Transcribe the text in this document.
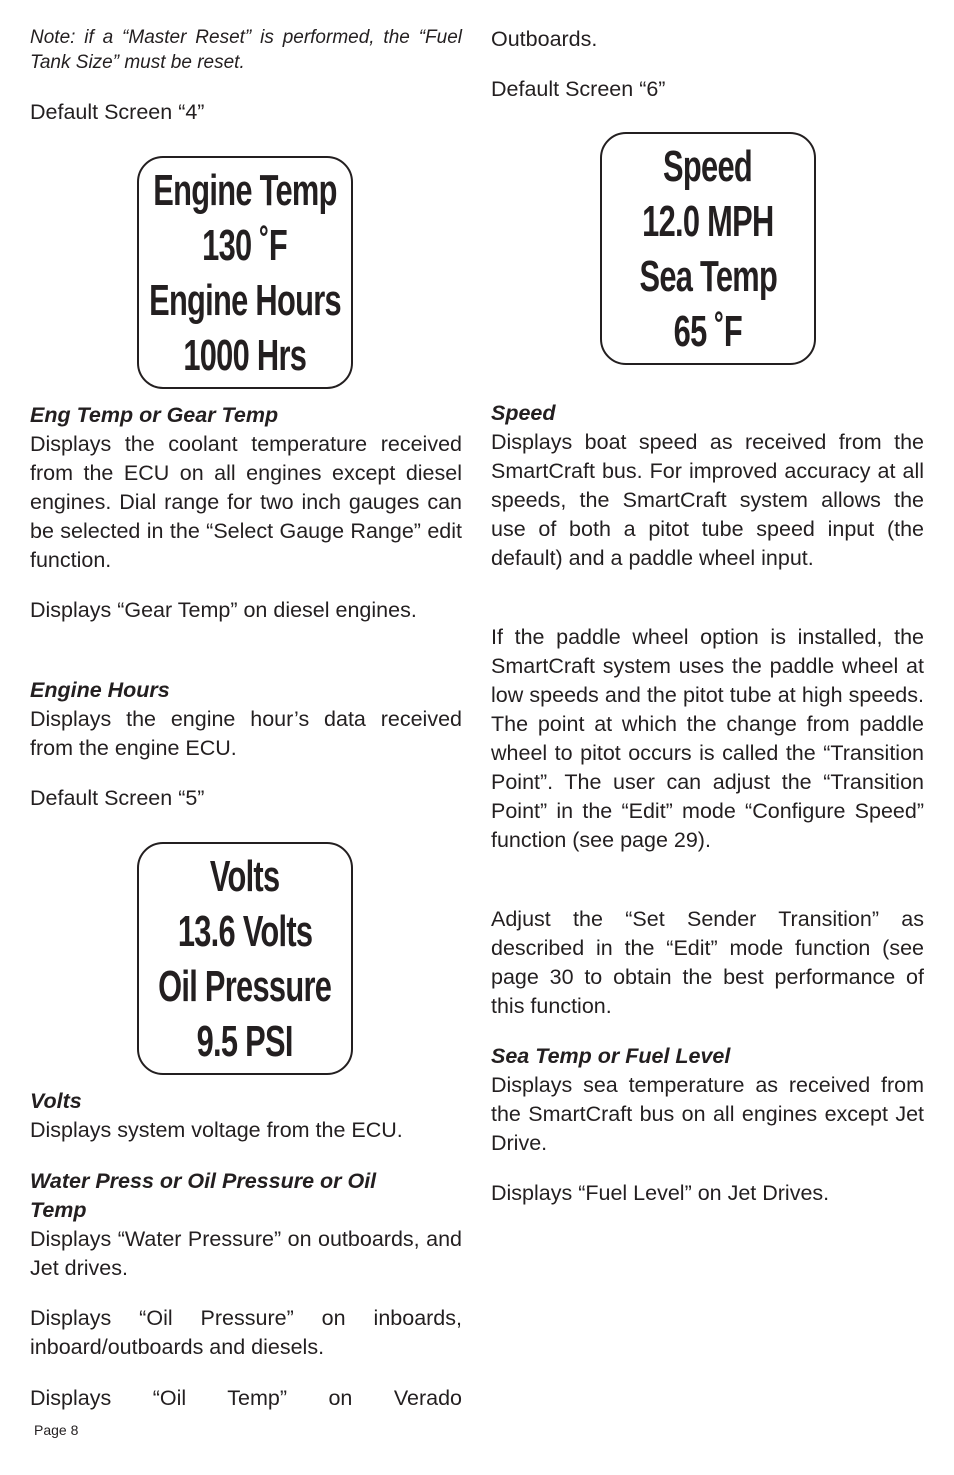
Note: if a “Master Reset” is performed, the “Fuel Tank Size” must be reset.

Default Screen “4”

Engine Temp
130 ˚F
Engine Hours
1000 Hrs

Eng Temp or Gear Temp

Displays the coolant temperature received from the ECU on all engines except diesel engines. Dial range for two inch gauges can be selected in the “Select Gauge Range” edit function.

Displays “Gear Temp” on diesel engines.

Engine Hours

Displays the engine hour’s data received from the engine ECU.

Default Screen “5”

Volts
13.6 Volts
Oil Pressure
9.5 PSI

Volts

Displays system voltage from the ECU.

Water Press or Oil Pressure or Oil Temp

Displays “Water Pressure” on outboards, and Jet drives.

Displays “Oil Pressure” on inboards, inboard/outboards and diesels.

Displays “Oil Temp” on Verado

Outboards.

Default Screen “6”

Speed
12.0 MPH
Sea Temp
65 ˚F

Speed

Displays boat speed as received from the SmartCraft bus. For improved accuracy at all speeds, the SmartCraft system allows the use of both a pitot tube speed input (the default) and a paddle wheel input.

If the paddle wheel option is installed, the SmartCraft system uses the paddle wheel at low speeds and the pitot tube at high speeds. The point at which the change from paddle wheel to pitot occurs is called the “Transition Point”. The user can adjust the “Transition Point” in the “Edit” mode “Configure Speed” function (see page 29).

Adjust the “Set Sender Transition” as described in the “Edit” mode function (see page 30 to obtain the best performance of this function.

Sea Temp or Fuel Level

Displays sea temperature as received from the SmartCraft bus on all engines except Jet Drive.

Displays “Fuel Level” on Jet Drives.

Page 8
